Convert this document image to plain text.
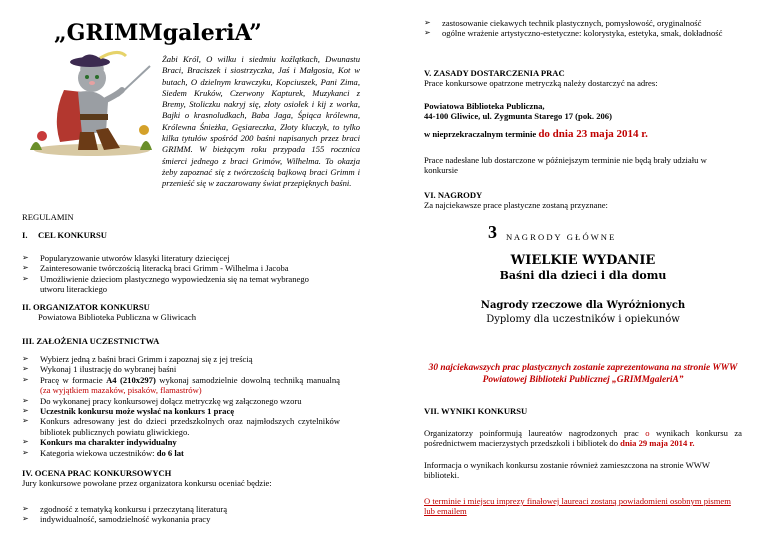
„GRIMMgaleriA”
Żabi Król, O wilku i siedmiu koźlątkach, Dwunastu Braci, Braciszek i siostrzyczka, Jaś i Małgosia, Kot w butach, O dzielnym krawczyku, Kopciuszek, Pani Zima, Siedem Kruków, Czerwony Kapturek, Muzykanci z Bremy, Stoliczku nakryj się, złoty osiołek i kij z worka, Bajki o krasnoludkach, Baba Jaga, Śpiąca królewna, Królewna Śnieżka, Gęsiareczka, Złoty kluczyk, to tylko kilka tytułów spośród 200 baśni napisanych przez braci GRIMM. W bieżącym roku przypada 155 rocznica śmierci jednego z braci Grimów, Wilhelma. To okazja żeby zapoznać się z twórczością bajkową braci Grimm i przenieść się w zaczarowany świat przepięknych baśni.
REGULAMIN
I. CEL KONKURSU
➢ Popularyzowanie utworów klasyki literatury dziecięcej
➢ Zainteresowanie twórczością literacką braci Grimm - Wilhelma i Jacoba
➢ Umożliwienie dzieciom plastycznego wypowiedzenia się na temat wybranego utworu literackiego
II. ORGANIZATOR KONKURSU
Powiatowa Biblioteka Publiczna w Gliwicach
III. ZAŁOŻENIA UCZESTNICTWA
➢ Wybierz jedną z baśni braci Grimm i zapoznaj się z jej treścią
➢ Wykonaj 1 ilustrację do wybranej baśni
➢ Pracę w formacie A4 (210x297) wykonaj samodzielnie dowolną techniką manualną (za wyjątkiem mazaków, pisaków, flamastrów)
➢ Do wykonanej pracy konkursowej dołącz metryczkę wg załączonego wzoru
➢ Uczestnik konkursu może wysłać na konkurs 1 pracę
➢ Konkurs adresowany jest do dzieci przedszkolnych oraz najmłodszych czytelników bibliotek publicznych powiatu gliwickiego.
➢ Konkurs ma charakter indywidualny
➢ Kategoria wiekowa uczestników: do 6 lat
IV. OCENA PRAC KONKURSOWYCH
Jury konkursowe powołane przez organizatora konkursu oceniać będzie:
➢ zgodność z tematyką konkursu i przeczytaną literaturą
➢ indywidualność, samodzielność wykonania pracy
➢ zastosowanie ciekawych technik plastycznych, pomysłowość, oryginalność
➢ ogólne wrażenie artystyczno-estetyczne: kolorystyka, estetyka, smak, dokładność
V. ZASADY DOSTARCZENIA PRAC
Prace konkursowe opatrzone metryczką należy dostarczyć na adres:
Powiatowa Biblioteka Publiczna,
44-100 Gliwice, ul. Zygmunta Starego 17 (pok. 206)
w nieprzekraczalnym terminie do dnia 23 maja 2014 r.
Prace nadesłane lub dostarczone w późniejszym terminie nie będą brały udziału w konkursie
VI. NAGRODY
Za najciekawsze prace plastyczne zostaną przyznane:
3 N A G R O D Y   G Ł Ó W N E
WIELKIE WYDANIE
Baśni dla dzieci i dla domu
Nagrody rzeczowe dla Wyróżnionych
Dyplomy dla uczestników i opiekunów
30 najciekawszych prac plastycznych zostanie zaprezentowana na stronie WWW Powiatowej Biblioteki Publicznej „GRIMMgaleriA”
VII. WYNIKI KONKURSU
Organizatorzy poinformują laureatów nagrodzonych prac o wynikach konkursu za pośrednictwem macierzystych przedszkoli i bibliotek do dnia 29 maja 2014 r.
Informacja o wynikach konkursu zostanie również zamieszczona na stronie WWW biblioteki.
O terminie i miejscu imprezy finałowej laureaci zostaną powiadomieni osobnym pismem lub emailem
